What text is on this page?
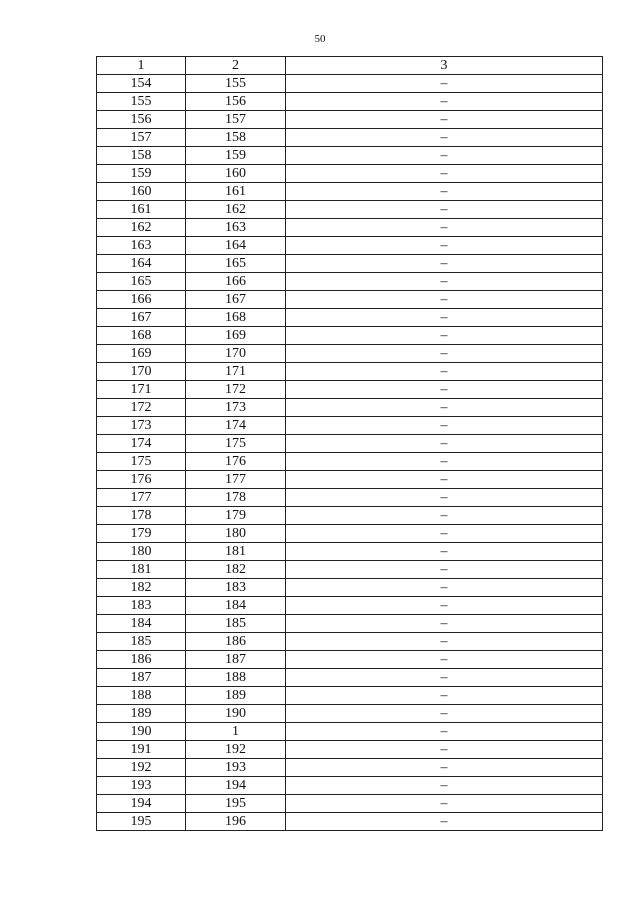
50
1	2	3
154	155	–
155	156	–
156	157	–
157	158	–
158	159	–
159	160	–
160	161	–
161	162	–
162	163	–
163	164	–
164	165	–
165	166	–
166	167	–
167	168	–
168	169	–
169	170	–
170	171	–
171	172	–
172	173	–
173	174	–
174	175	–
175	176	–
176	177	–
177	178	–
178	179	–
179	180	–
180	181	–
181	182	–
182	183	–
183	184	–
184	185	–
185	186	–
186	187	–
187	188	–
188	189	–
189	190	–
190	1	–
191	192	–
192	193	–
193	194	–
194	195	–
195	196	–
